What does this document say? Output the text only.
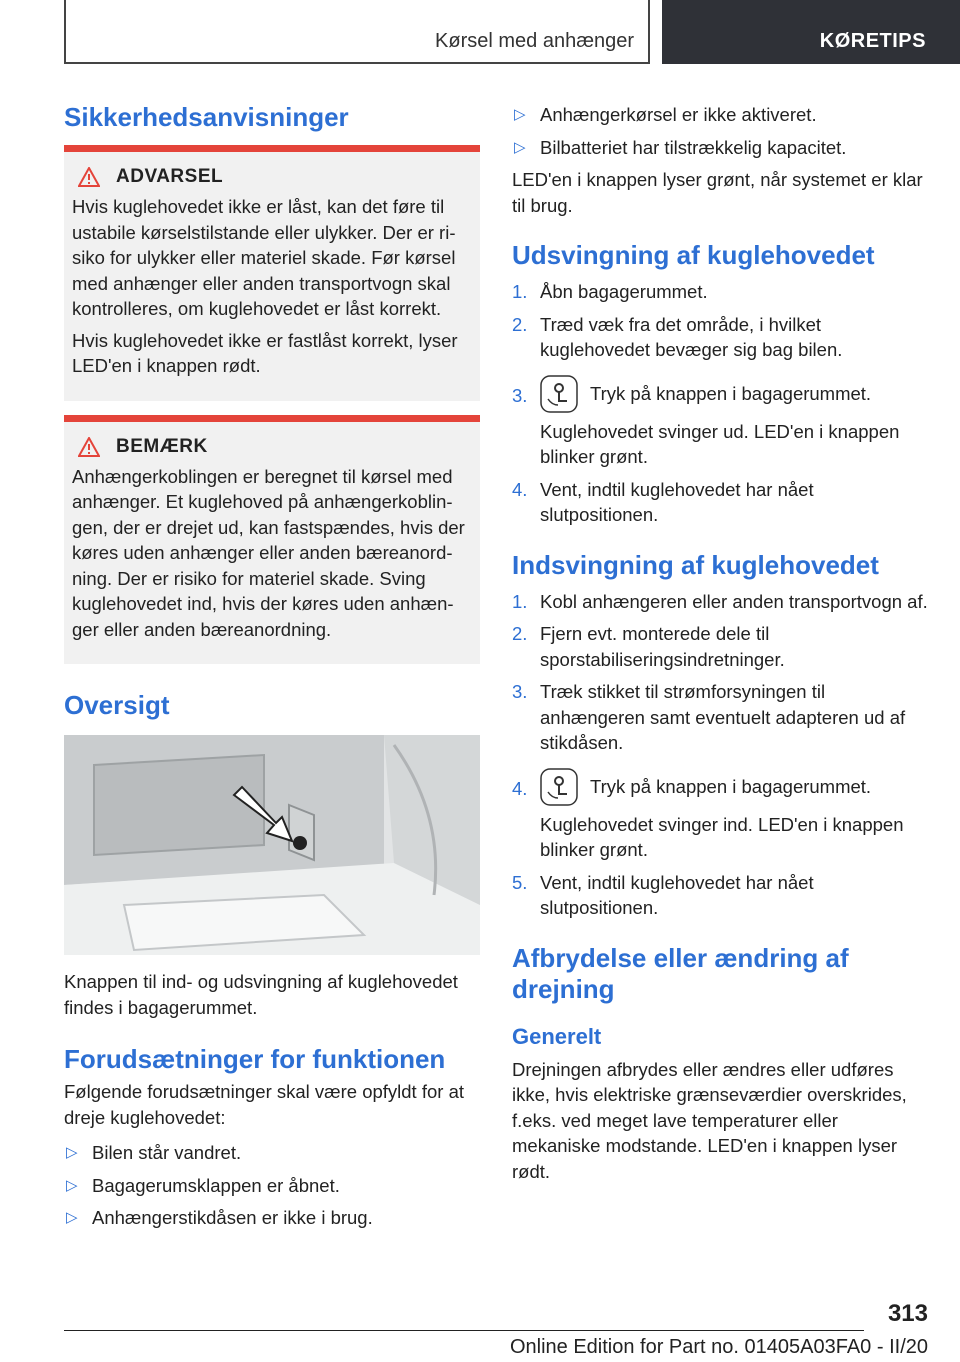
Kørsel med anhænger	KØRETIPS
Sikkerhedsanvisninger
ADVARSEL

Hvis kuglehovedet ikke er låst, kan det føre til ustabile kørselstilstande eller ulykker. Der er risiko for ulykker eller materiel skade. Før kørsel med anhænger eller anden transportvogn skal kontrolleres, om kuglehovedet er låst korrekt.

Hvis kuglehovedet ikke er fastlåst korrekt, lyser LED'en i knappen rødt.

BEMÆRK

Anhængerkoblingen er beregnet til kørsel med anhænger. Et kuglehoved på anhængerkoblingen, der er drejet ud, kan fastspændes, hvis der køres uden anhænger eller anden bæreanordning. Der er risiko for materiel skade. Sving kuglehovedet ind, hvis der køres uden anhænger eller anden bæreanordning.

Oversigt

Knappen til ind- og udsvingning af kuglehovedet findes i bagagerummet.

Forudsætninger for funktionen

Følgende forudsætninger skal være opfyldt for at dreje kuglehovedet:

▷ Bilen står vandret.
▷ Bagagerumsklappen er åbnet.
▷ Anhængerstikdåsen er ikke i brug.
▷ Anhængerkørsel er ikke aktiveret.
▷ Bilbatteriet har tilstrækkelig kapacitet.

LED'en i knappen lyser grønt, når systemet er klar til brug.

Udsvingning af kuglehovedet
1. Åbn bagagerummet.
2. Træd væk fra det område, i hvilket kuglehovedet bevæger sig bag bilen.
3.	Tryk på knappen i bagagerummet.
Kuglehovedet svinger ud. LED'en i knappen blinker grønt.
4. Vent, indtil kuglehovedet har nået slutpositionen.
Indsvingning af kuglehovedet
1. Kobl anhængeren eller anden transportvogn af.
2. Fjern evt. monterede dele til sporstabiliseringsindretninger.
3. Træk stikket til strømforsyningen til anhængeren samt eventuelt adapteren ud af stikdåsen.
4.	Tryk på knappen i bagagerummet.
Kuglehovedet svinger ind. LED'en i knappen blinker grønt.
5. Vent, indtil kuglehovedet har nået slutpositionen.
Afbrydelse eller ændring af drejning
Generelt

Drejningen afbrydes eller ændres eller udføres ikke, hvis elektriske grænseværdier overskrides, f.eks. ved meget lave temperaturer eller mekaniske modstande. LED'en i knappen lyser rødt.

313
Online Edition for Part no. 01405A03FA0 - II/20
